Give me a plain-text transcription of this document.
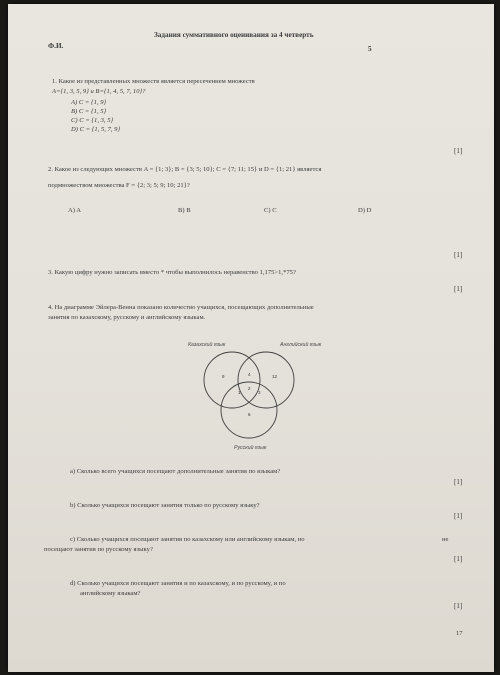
Задания суммативного оценивания за 4 четверть
Ф.И.	5
1. Какое из представленных множеств является пересечением множеств
A={1, 3, 5, 9} и B={1, 4, 5, 7, 10}?
A) C = {1, 9}
B) C = {1, 5}
C) C = {1, 3, 5}
D) C = {1, 5, 7, 9}
[1]
2. Какое из следующих множеств A = {1; 3}; B = {3; 5; 10}; C = {7; 11; 15} и D = {1; 21} является
подмножеством множества F = {2; 3; 5; 9; 10; 21}?
A) A	B) B	C) C	D) D
[1]
3. Какую цифру нужно записать вместо * чтобы выполнилось неравенство 1,175>1,*75?
[1]
4. На диаграмме Эйлера-Венна показано количество учащихся, посещающих дополнительные
занятия по казахскому, русскому и английскому языкам.
Казахский язык	Английский язык
Русский язык
9	4	12
1
2
3
6
a) Сколько всего учащихся посещают дополнительные занятия по языкам?
[1]
b) Сколько учащихся посещают занятия только по русскому языку?
[1]
c) Сколько учащихся посещают занятия по казахскому или английскому языкам, но	не
посещают занятия по русскому языку?
[1]
d) Сколько учащихся посещают занятия и по казахскому, и по русскому, и по
английскому языкам?
[1]
17
